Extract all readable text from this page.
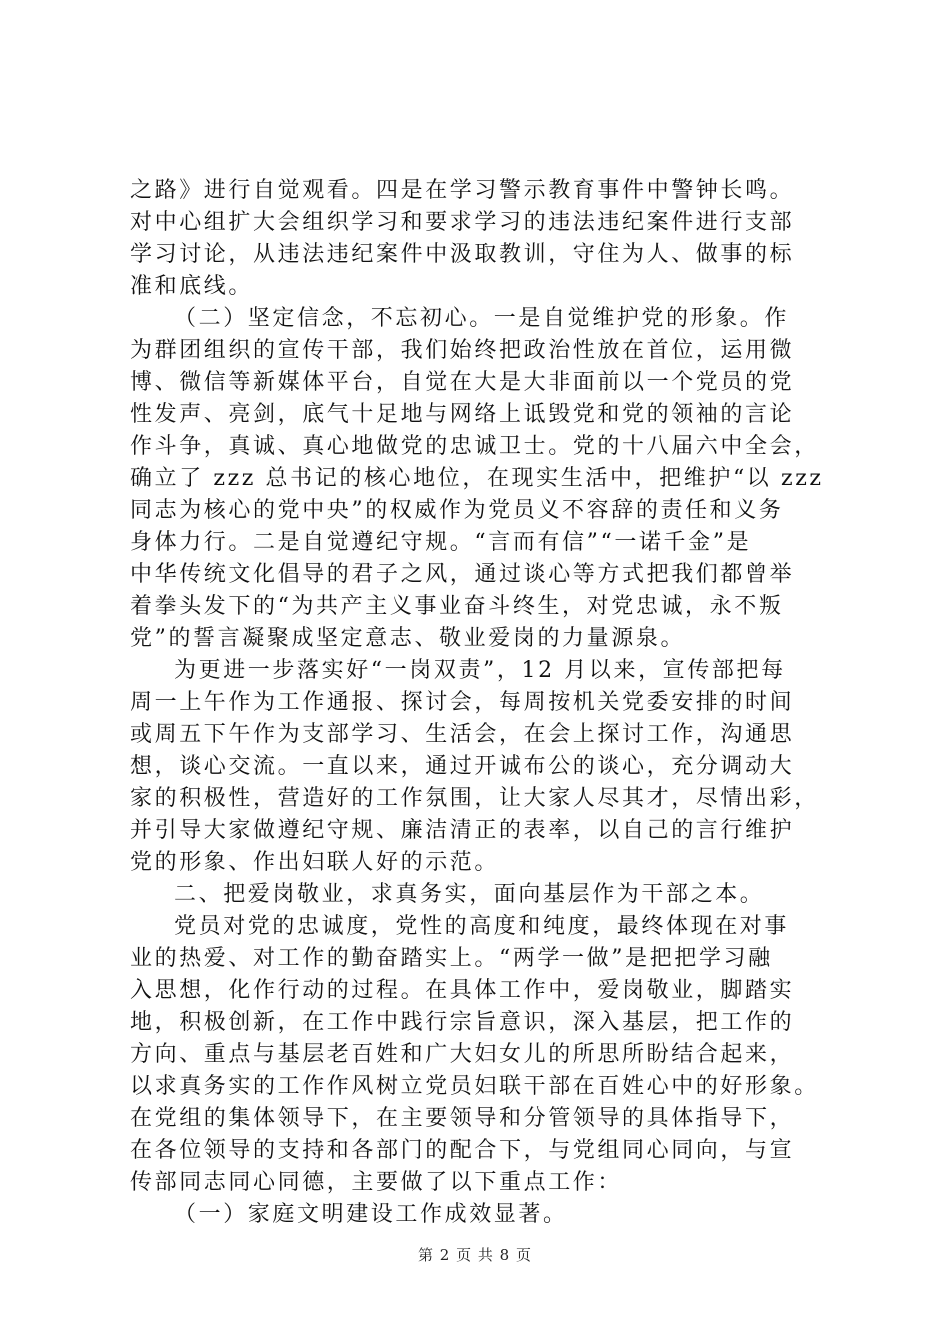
之路》进行自觉观看。四是在学习警示教育事件中警钟长鸣。
对中心组扩大会组织学习和要求学习的违法违纪案件进行支部
学习讨论，从违法违纪案件中汲取教训，守住为人、做事的标
准和底线。
（二）坚定信念，不忘初心。一是自觉维护党的形象。作
为群团组织的宣传干部，我们始终把政治性放在首位，运用微
博、微信等新媒体平台，自觉在大是大非面前以一个党员的党
性发声、亮剑，底气十足地与网络上诋毁党和党的领袖的言论
作斗争，真诚、真心地做党的忠诚卫士。党的十八届六中全会，
确立了 zzz 总书记的核心地位，在现实生活中，把维护“以 zzz
同志为核心的党中央”的权威作为党员义不容辞的责任和义务
身体力行。二是自觉遵纪守规。“言而有信”“一诺千金”是
中华传统文化倡导的君子之风，通过谈心等方式把我们都曾举
着拳头发下的“为共产主义事业奋斗终生，对党忠诚，永不叛
党”的誓言凝聚成坚定意志、敬业爱岗的力量源泉。
为更进一步落实好“一岗双责”，12 月以来，宣传部把每
周一上午作为工作通报、探讨会，每周按机关党委安排的时间
或周五下午作为支部学习、生活会，在会上探讨工作，沟通思
想，谈心交流。一直以来，通过开诚布公的谈心，充分调动大
家的积极性，营造好的工作氛围，让大家人尽其才，尽情出彩，
并引导大家做遵纪守规、廉洁清正的表率，以自己的言行维护
党的形象、作出妇联人好的示范。
二、把爱岗敬业，求真务实，面向基层作为干部之本。
党员对党的忠诚度，党性的高度和纯度，最终体现在对事
业的热爱、对工作的勤奋踏实上。“两学一做”是把把学习融
入思想，化作行动的过程。在具体工作中，爱岗敬业，脚踏实
地，积极创新，在工作中践行宗旨意识，深入基层，把工作的
方向、重点与基层老百姓和广大妇女儿的所思所盼结合起来，
以求真务实的工作作风树立党员妇联干部在百姓心中的好形象。
在党组的集体领导下，在主要领导和分管领导的具体指导下，
在各位领导的支持和各部门的配合下，与党组同心同向，与宣
传部同志同心同德，主要做了以下重点工作：
（一）家庭文明建设工作成效显著。
第 2 页 共 8 页
